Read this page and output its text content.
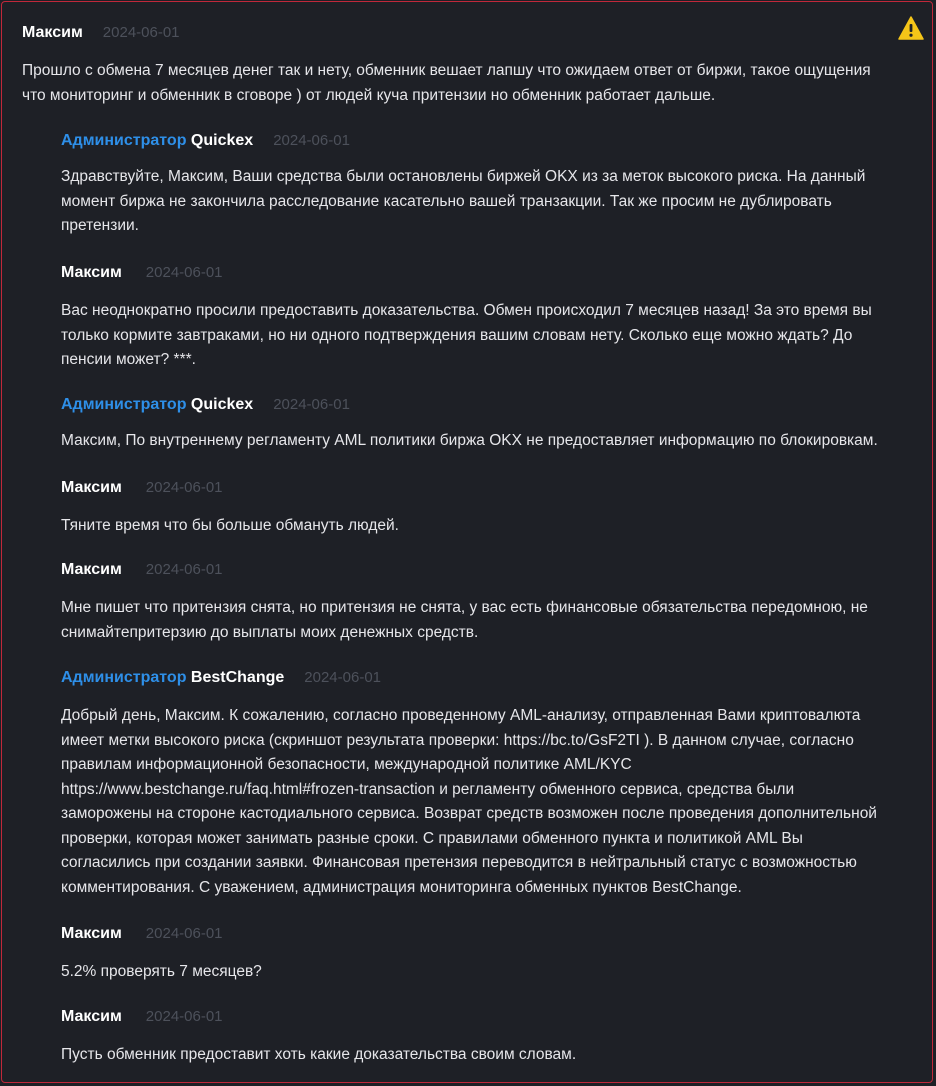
Максим 2024-06-01
Прошло с обмена 7 месяцев денег так и нету, обменник вешает лапшу что ожидаем ответ от биржи, такое ощущения
что мониторинг и обменник в сговоре ) от людей куча притензии но обменник работает дальше.
Администратор Quickex 2024-06-01
Здравствуйте, Максим, Ваши средства были остановлены биржей OKX из за меток высокого риска. На данный
момент биржа не закончила расследование касательно вашей транзакции. Так же просим не дублировать
претензии.
Максим 2024-06-01
Вас неоднократно просили предоставить доказательства. Обмен происходил 7 месяцев назад! За это время вы
только кормите завтраками, но ни одного подтверждения вашим словам нету. Сколько еще можно ждать? До
пенсии может? ***.
Администратор Quickex 2024-06-01
Максим, По внутреннему регламенту AML политики биржа OKX не предоставляет информацию по блокировкам.
Максим 2024-06-01
Тяните время что бы больше обмануть людей.
Максим 2024-06-01
Мне пишет что притензия снята, но притензия не снята, у вас есть финансовые обязательства передомною, не
снимайтепритерзию до выплаты моих денежных средств.
Администратор BestChange 2024-06-01
Добрый день, Максим. К сожалению, согласно проведенному AML-анализу, отправленная Вами криптовалюта
имеет метки высокого риска (скриншот результата проверки: https://bc.to/GsF2TI ). В данном случае, согласно
правилам информационной безопасности, международной политике AML/KYC
https://www.bestchange.ru/faq.html#frozen-transaction и регламенту обменного сервиса, средства были
заморожены на стороне кастодиального сервиса. Возврат средств возможен после проведения дополнительной
проверки, которая может занимать разные сроки. С правилами обменного пункта и политикой AML Вы
согласились при создании заявки. Финансовая претензия переводится в нейтральный статус с возможностью
комментирования. С уважением, администрация мониторинга обменных пунктов BestChange.
Максим 2024-06-01
5.2% проверять 7 месяцев?
Максим 2024-06-01
Пусть обменник предоставит хоть какие доказательства своим словам.
